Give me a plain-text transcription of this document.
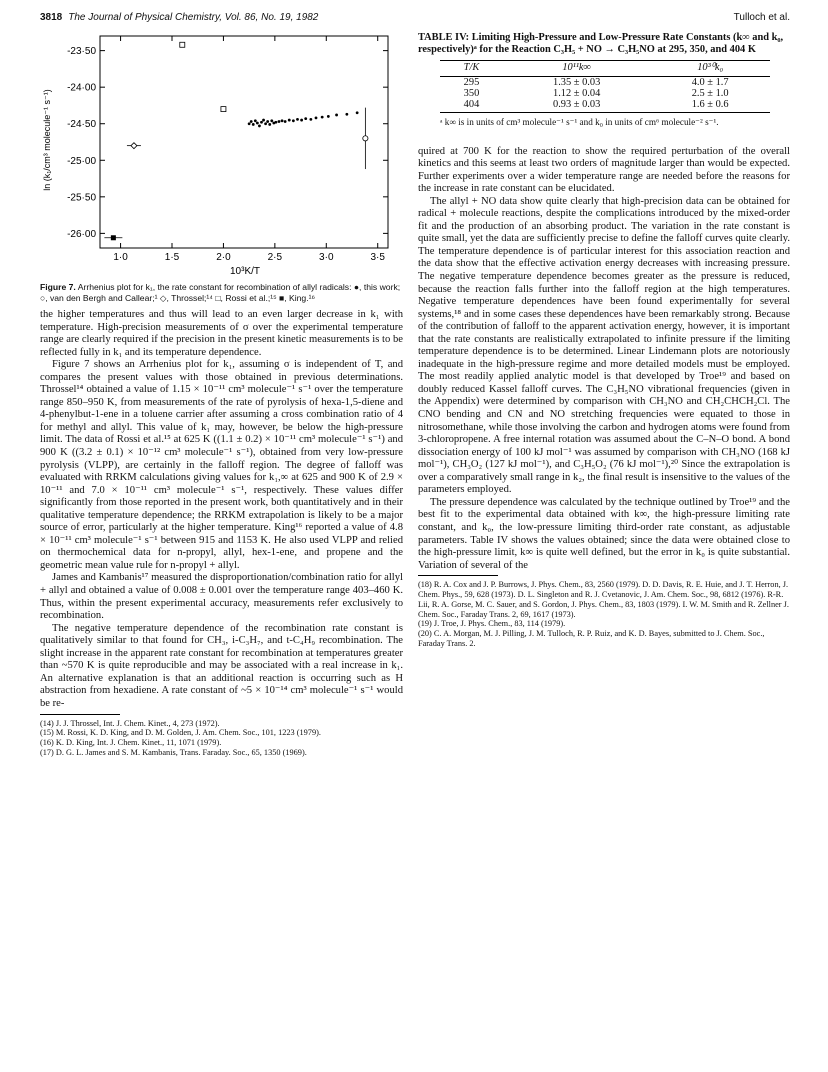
3818 The Journal of Physical Chemistry, Vol. 86, No. 19, 1982	Tulloch et al.
1·0	1·5	2·0	2·5	3·0	3·5
-23·50
-24·00
-24·50
-25·00
-25·50
-26·00
ln (k₁/cm³ molecule⁻¹ s⁻¹)
10³K/T
Figure 7. Arrhenius plot for k₁, the rate constant for recombination of allyl radicals: ●, this work; ○, van den Bergh and Callear;¹ ◇, Throssel;¹⁴ □, Rossi et al.;¹⁵ ■, King.¹⁶

the higher temperatures and thus will lead to an even larger decrease in k₁ with temperature. High-precision measurements of σ over the experimental temperature range are clearly required if the precision in the present kinetic measurements is to be reflected fully in k₁ and its temperature dependence.

Figure 7 shows an Arrhenius plot for k₁, assuming σ is independent of T, and compares the present values with those obtained in previous determinations. Throssel¹⁴ obtained a value of 1.15 × 10⁻¹¹ cm³ molecule⁻¹ s⁻¹ over the temperature range 850–950 K, from measurements of the rate of pyrolysis of hexa-1,5-diene and 4-phenylbut-1-ene in a toluene carrier after assuming a cross combination ratio of 4 for methyl and allyl. This value of k₁ may, however, be below the high-pressure limit. The data of Rossi et al.¹⁵ at 625 K ((1.1 ± 0.2) × 10⁻¹¹ cm³ molecule⁻¹ s⁻¹) and 900 K ((3.2 ± 0.1) × 10⁻¹² cm³ molecule⁻¹ s⁻¹), obtained from very low-pressure pyrolysis (VLPP), are certainly in the falloff region. The degree of falloff was evaluated with RRKM calculations giving values for k₁,∞ at 625 and 900 K of 2.9 × 10⁻¹¹ and 7.0 × 10⁻¹¹ cm³ molecule⁻¹ s⁻¹, respectively. These values differ significantly from those reported in the present work, both quantitatively and in their qualitative temperature dependence; the RRKM extrapolation is likely to be a major source of error, particularly at the higher temperature. King¹⁶ reported a value of 4.8 × 10⁻¹¹ cm³ molecule⁻¹ s⁻¹ between 915 and 1153 K. He also used VLPP and relied on thermochemical data for n-propyl, allyl, hex-1-ene, and propene and the geometric mean value rule for n-propyl + allyl.

James and Kambanis¹⁷ measured the disproportionation/combination ratio for allyl + allyl and obtained a value of 0.008 ± 0.001 over the temperature range 403–460 K. Thus, within the present experimental accuracy, measurements refer exclusively to recombination.

The negative temperature dependence of the recombination rate constant is qualitatively similar to that found for CH₃, i-C₃H₇, and t-C₄H₉ recombination. The slight increase in the apparent rate constant for recombination at temperatures greater than ~570 K is quite reproducible and may be associated with a real increase in k₁. An alternative explanation is that an additional reaction is occurring such as H abstraction from hexadiene. A rate constant of ~5 × 10⁻¹⁴ cm³ molecule⁻¹ s⁻¹ would be re-

(14) J. J. Throssel, Int. J. Chem. Kinet., 4, 273 (1972).

(15) M. Rossi, K. D. King, and D. M. Golden, J. Am. Chem. Soc., 101, 1223 (1979).

(16) K. D. King, Int. J. Chem. Kinet., 11, 1071 (1979).

(17) D. G. L. James and S. M. Kambanis, Trans. Faraday. Soc., 65, 1350 (1969).

TABLE IV: Limiting High-Pressure and Low-Pressure Rate Constants (k∞ and k₀, respectively)ᵃ for the Reaction C₃H₅ + NO → C₃H₅NO at 295, 350, and 404 K
T/K	10¹¹k∞	10³⁰k₀
295	1.35 ± 0.03	4.0 ± 1.7
350	1.12 ± 0.04	2.5 ± 1.0
404	0.93 ± 0.03	1.6 ± 0.6
ᵃ k∞ is in units of cm³ molecule⁻¹ s⁻¹ and k₀ in units of cm⁶ molecule⁻² s⁻¹.

quired at 700 K for the reaction to show the required perturbation of the overall kinetics and this seems at least two orders of magnitude larger than would be expected. Further experiments over a wider temperature range are needed before the reasons for the increase in rate constant can be elucidated.

The allyl + NO data show quite clearly that high-precision data can be obtained for radical + molecule reactions, despite the complications introduced by the mixed-order fit and the production of an absorbing product. The variation in the rate constant is quite small, yet the data are sufficiently precise to define the falloff curves quite clearly. The temperature dependence is of particular interest for this association reaction and the data show that the effective activation energy decreases with increasing pressure. The negative temperature dependence becomes greater as the pressure is reduced, because the reaction falls further into the falloff region at the high temperatures. Negative temperature dependences have been found experimentally for several systems,¹⁸ and in some cases these dependences have been remarkably strong. Because of the contribution of falloff to the apparent activation energy, however, it is important that the rate constants are realistically extrapolated to infinite pressure if the limiting temperature dependence is to be determined. Linear Lindemann plots are notoriously inadequate in the high-pressure regime and more detailed models must be employed. The most readily applied analytic model is that developed by Troe¹⁹ and based on doubly reduced Kassel falloff curves. The C₃H₅NO vibrational frequencies (given in the Appendix) were determined by comparison with CH₃NO and CH₂CHCH₂Cl. The CNO bending and CN and NO stretching frequencies were equated to those in nitrosomethane, while those involving the carbon and hydrogen atoms were found from 3-chloropropene. A free internal rotation was assumed about the C–N–O bond. A bond dissociation energy of 100 kJ mol⁻¹ was assumed by comparison with CH₃NO (168 kJ mol⁻¹), CH₃O₂ (127 kJ mol⁻¹), and C₃H₅O₂ (76 kJ mol⁻¹),²⁰ Since the extrapolation is over a comparatively small range in k₂, the final result is insensitive to the values of the parameters employed.

The pressure dependence was calculated by the technique outlined by Troe¹⁹ and the best fit to the experimental data obtained with k∞, the high-pressure limiting rate constant, and k₀, the low-pressure limiting third-order rate constant, as adjustable parameters. Table IV shows the values obtained; since the data were obtained close to the high-pressure limit, k∞ is quite well defined, but the error in k₀ is quite substantial. Variation of several of the

(18) R. A. Cox and J. P. Burrows, J. Phys. Chem., 83, 2560 (1979). D. D. Davis, R. E. Huie, and J. T. Herron, J. Chem. Phys., 59, 628 (1973). D. L. Singleton and R. J. Cvetanovic, J. Am. Chem. Soc., 98, 6812 (1976). R-R. Lii, R. A. Gorse, M. C. Sauer, and S. Gordon, J. Phys. Chem., 83, 1803 (1979). I. W. M. Smith and R. Zellner J. Chem. Soc., Faraday Trans. 2, 69, 1617 (1973).

(19) J. Troe, J. Phys. Chem., 83, 114 (1979).

(20) C. A. Morgan, M. J. Pilling, J. M. Tulloch, R. P. Ruiz, and K. D. Bayes, submitted to J. Chem. Soc., Faraday Trans. 2.
